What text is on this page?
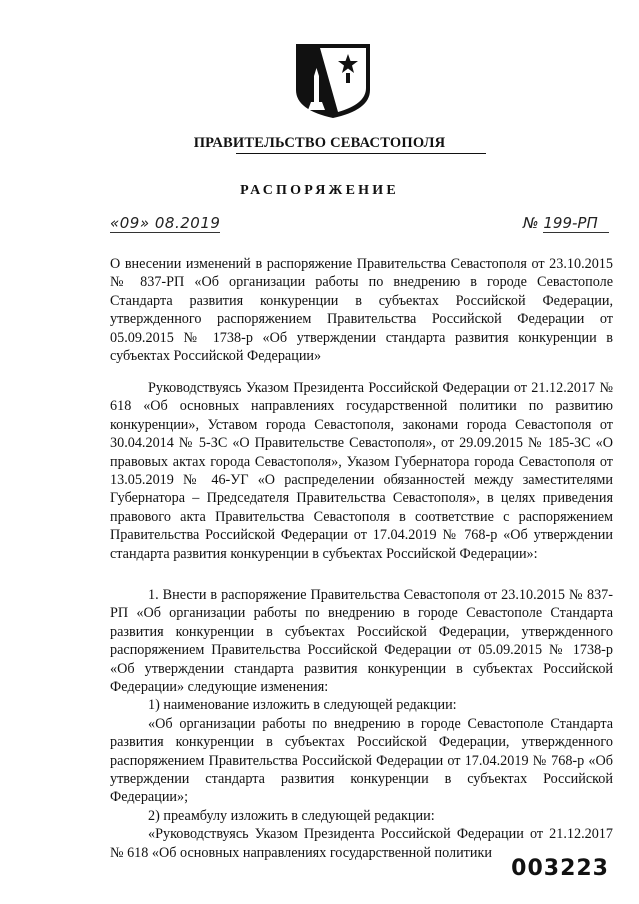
ПРАВИТЕЛЬСТВО СЕВАСТОПОЛЯ
РАСПОРЯЖЕНИЕ
«09» 08.2019	№ 199-РП

О внесении изменений в распоряжение Правительства Севастополя от 23.10.2015 № 837-РП «Об организации работы по внедрению в городе Севастополе Стандарта развития конкуренции в субъектах Российской Федерации, утвержденного распоряжением Правительства Российской Федерации от 05.09.2015 № 1738-р «Об утверждении стандарта развития конкуренции в субъектах Российской Федерации»

Руководствуясь Указом Президента Российской Федерации от 21.12.2017 № 618 «Об основных направлениях государственной политики по развитию конкуренции», Уставом города Севастополя, законами города Севастополя от 30.04.2014 № 5-ЗС «О Правительстве Севастополя», от 29.09.2015 № 185-ЗС «О правовых актах города Севастополя», Указом Губернатора города Севастополя от 13.05.2019 № 46-УГ «О распределении обязанностей между заместителями Губернатора – Председателя Правительства Севастополя», в целях приведения правового акта Правительства Севастополя в соответствие с распоряжением Правительства Российской Федерации от 17.04.2019 № 768-р «Об утверждении стандарта развития конкуренции в субъектах Российской Федерации»:

1. Внести в распоряжение Правительства Севастополя от 23.10.2015 № 837-РП «Об организации работы по внедрению в городе Севастополе Стандарта развития конкуренции в субъектах Российской Федерации, утвержденного распоряжением Правительства Российской Федерации от 05.09.2015 № 1738-р «Об утверждении стандарта развития конкуренции в субъектах Российской Федерации» следующие изменения:

1) наименование изложить в следующей редакции:

«Об организации работы по внедрению в городе Севастополе Стандарта развития конкуренции в субъектах Российской Федерации, утвержденного распоряжением Правительства Российской Федерации от 17.04.2019 № 768-р «Об утверждении стандарта развития конкуренции в субъектах Российской Федерации»;

2) преамбулу изложить в следующей редакции:

«Руководствуясь Указом Президента Российской Федерации от 21.12.2017 № 618 «Об основных направлениях государственной политики

003223
